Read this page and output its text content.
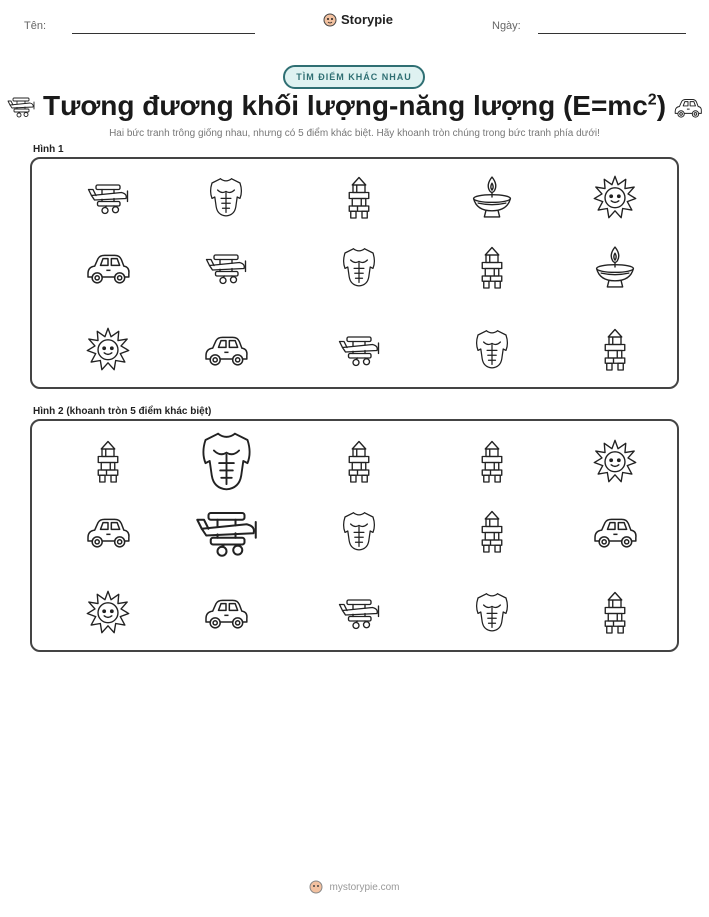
Tên:	Storypie	Ngày:
TÌM ĐIỂM KHÁC NHAU
Tương đương khối lượng-năng lượng $(E=mc^2)$
Hai bức tranh trông giống nhau, nhưng có 5 điểm khác biệt. Hãy khoanh tròn chúng trong bức tranh phía dưới!
Hình 1
Hình 2 (khoanh tròn 5 điểm khác biệt)
mystorypie.com
